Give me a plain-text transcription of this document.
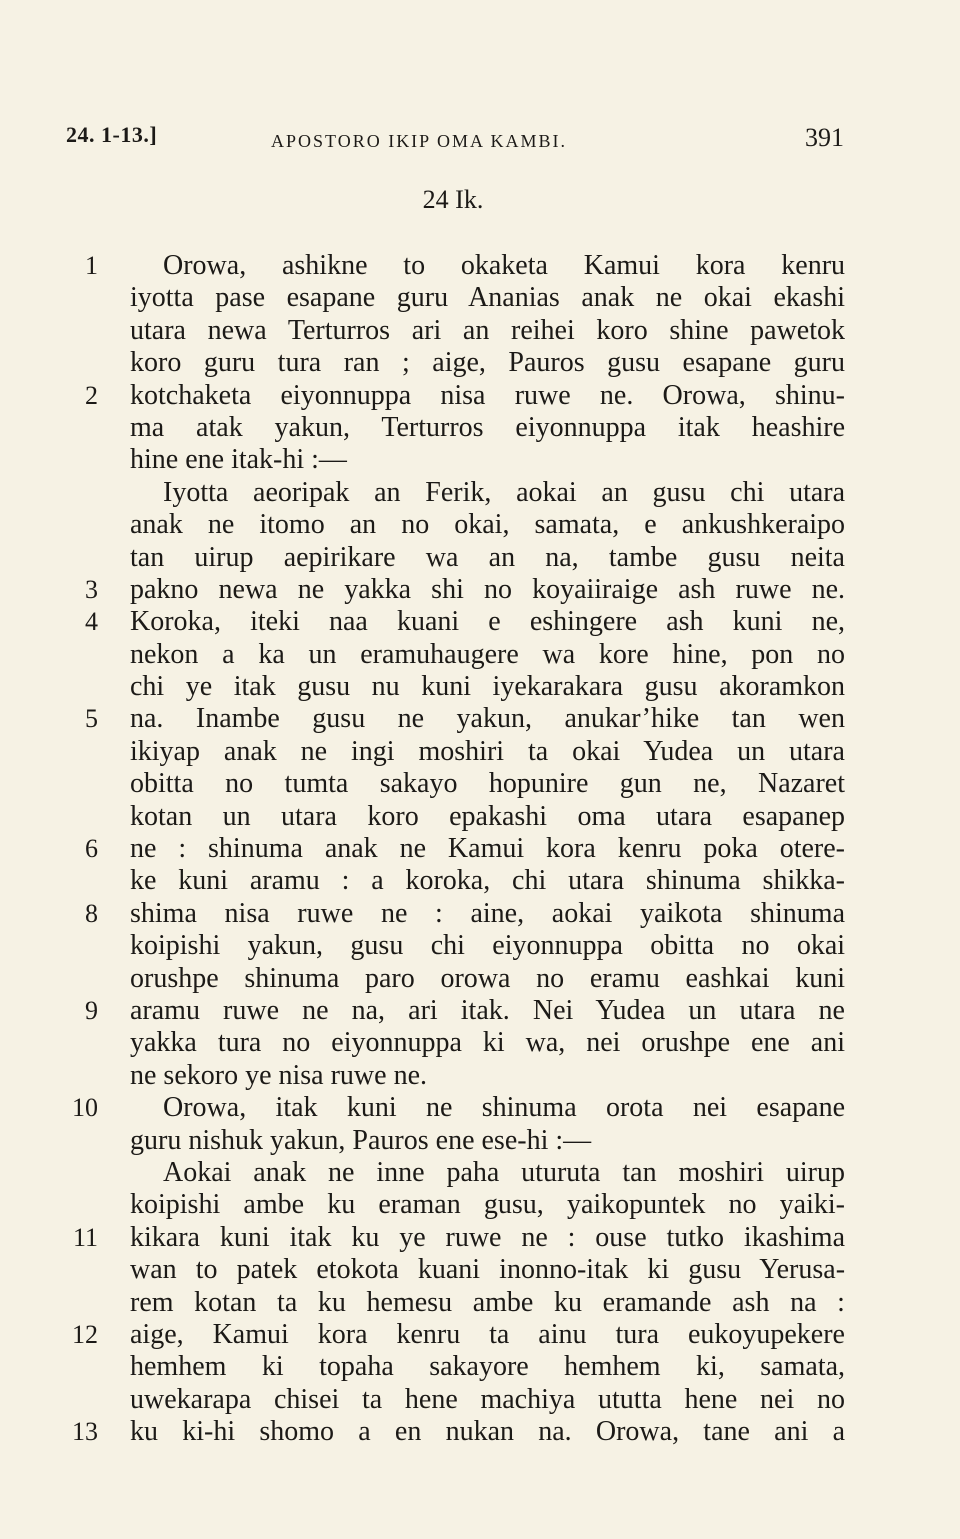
24. 1-13.]	APOSTORO IKIP OMA KAMBI.	391
24 Ik.
1 Orowa, ashikne to okaketa Kamui kora kenru
iyotta pase esapane guru Ananias anak ne okai ekashi
utara newa Terturros ari an reihei koro shine pawetok
koro guru tura ran ; aige, Pauros gusu esapane guru
2 kotchaketa eiyonnuppa nisa ruwe ne. Orowa, shinu-
ma atak yakun, Terturros eiyonnuppa itak heashire
hine ene itak-hi :—
Iyotta aeoripak an Ferik, aokai an gusu chi utara
anak ne itomo an no okai, samata, e ankushkeraipo
tan uirup aepirikare wa an na, tambe gusu neita
3 pakno newa ne yakka shi no koyaiiraige ash ruwe ne.
4 Koroka, iteki naa kuani e eshingere ash kuni ne,
nekon a ka un eramuhaugere wa kore hine, pon no
chi ye itak gusu nu kuni iyekarakara gusu akoramkon
5 na. Inambe gusu ne yakun, anukar’hike tan wen
ikiyap anak ne ingi moshiri ta okai Yudea un utara
obitta no tumta sakayo hopunire gun ne, Nazaret
kotan un utara koro epakashi oma utara esapanep
6 ne : shinuma anak ne Kamui kora kenru poka otere-
ke kuni aramu : a koroka, chi utara shinuma shikka-
8 shima nisa ruwe ne : aine, aokai yaikota shinuma
koipishi yakun, gusu chi eiyonnuppa obitta no okai
orushpe shinuma paro orowa no eramu eashkai kuni
9 aramu ruwe ne na, ari itak. Nei Yudea un utara ne
yakka tura no eiyonnuppa ki wa, nei orushpe ene ani
ne sekoro ye nisa ruwe ne.
10 Orowa, itak kuni ne shinuma orota nei esapane
guru nishuk yakun, Pauros ene ese-hi :—
Aokai anak ne inne paha uturuta tan moshiri uirup
koipishi ambe ku eraman gusu, yaikopuntek no yaiki-
11 kikara kuni itak ku ye ruwe ne : ouse tutko ikashima
wan to patek etokota kuani inonno-itak ki gusu Yerusa-
rem kotan ta ku hemesu ambe ku eramande ash na :
12 aige, Kamui kora kenru ta ainu tura eukoyupekere
hemhem ki topaha sakayore hemhem ki, samata,
uwekarapa chisei ta hene machiya ututta hene nei no
13 ku ki-hi shomo a en nukan na. Orowa, tane ani a
